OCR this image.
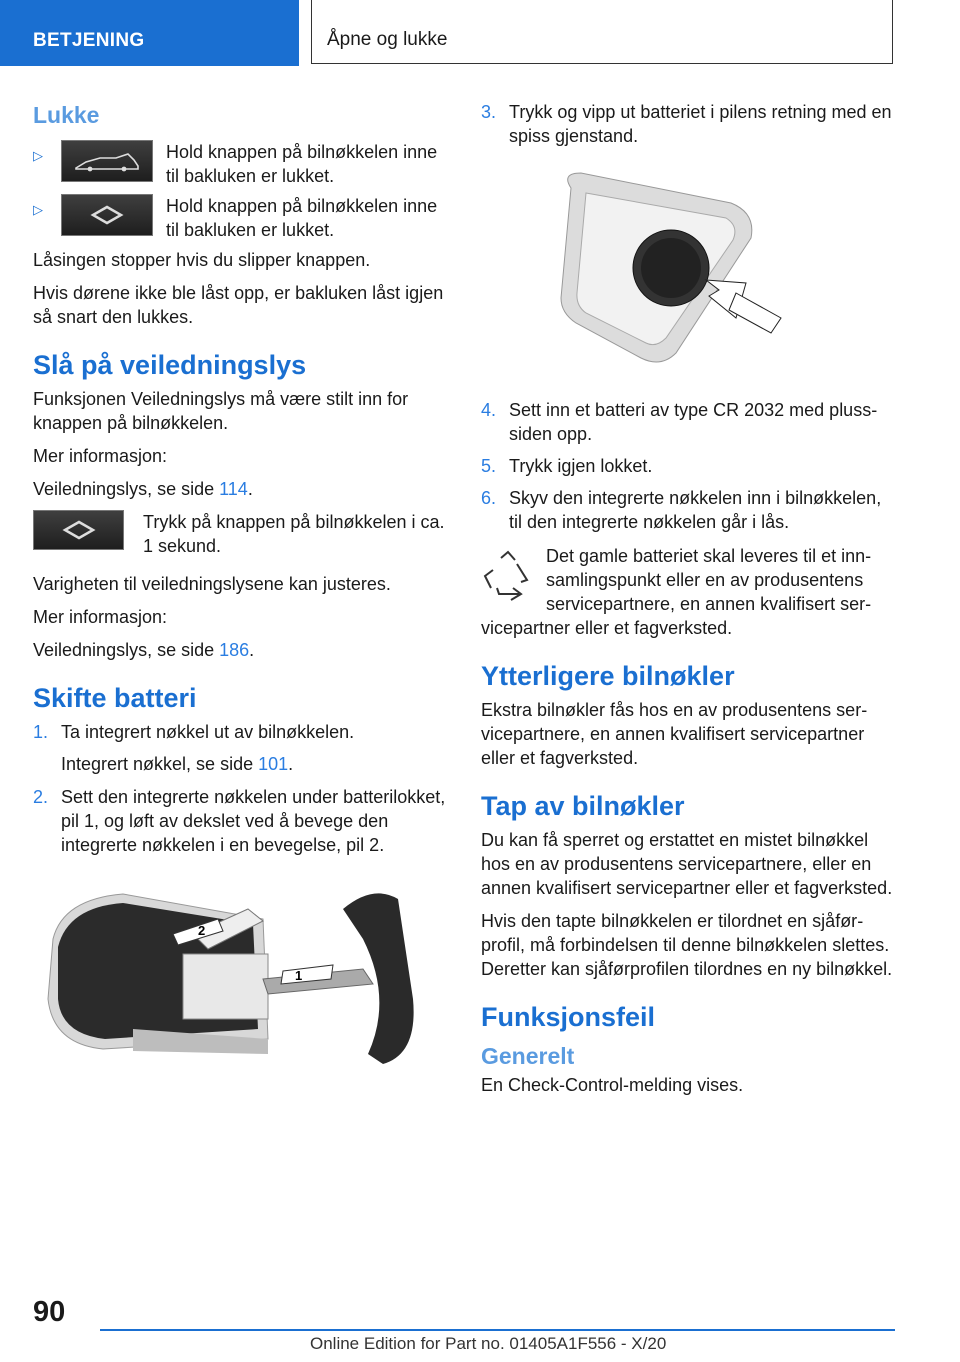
BETJENING	Åpne og lukke
Lukke
▷	Hold knappen på bilnøkkelen inne til bakluken er lukket.
▷	Hold knappen på bilnøkkelen inne til bakluken er lukket.

Låsingen stopper hvis du slipper knappen.

Hvis dørene ikke ble låst opp, er bakluken låst igjen så snart den lukkes.

Slå på veiledningslys

Funksjonen Veiledningslys må være stilt inn for knappen på bilnøkkelen.

Mer informasjon:

Veiledningslys, se side 114.

Trykk på knappen på bilnøkkelen i ca. 1 sekund.

Varigheten til veiledningslysene kan justeres.

Mer informasjon:

Veiledningslys, se side 186.

Skifte batteri
1. Ta integrert nøkkel ut av bilnøkkelen.
Integrert nøkkel, se side 101.
2. Sett den integrerte nøkkelen under batterilokket, pil 1, og løft av dekslet ved å bevege den integrerte nøkkelen i en bevegelse, pil 2.
1
2
3. Trykk og vipp ut batteriet i pilens retning med en spiss gjenstand.
4. Sett inn et batteri av type CR 2032 med pluss-siden opp.
5. Trykk igjen lokket.
6. Skyv den integrerte nøkkelen inn i bilnøkkelen, til den integrerte nøkkelen går i lås.
Det gamle batteriet skal leveres til et innsamlingspunkt eller en av produsentens servicepartnere, en annen kvalifisert servicepartner eller et fagverksted.
Ytterligere bilnøkler

Ekstra bilnøkler fås hos en av produsentens servicepartnere, en annen kvalifisert servicepartner eller et fagverksted.

Tap av bilnøkler

Du kan få sperret og erstattet en mistet bilnøkkel hos en av produsentens servicepartnere, eller en annen kvalifisert servicepartner eller et fagverksted.

Hvis den tapte bilnøkkelen er tilordnet en sjåførprofil, må forbindelsen til denne bilnøkkelen slettes. Deretter kan sjåførprofilen tilordnes en ny bilnøkkel.

Funksjonsfeil
Generelt

En Check-Control-melding vises.

90
Online Edition for Part no. 01405A1F556 - X/20
